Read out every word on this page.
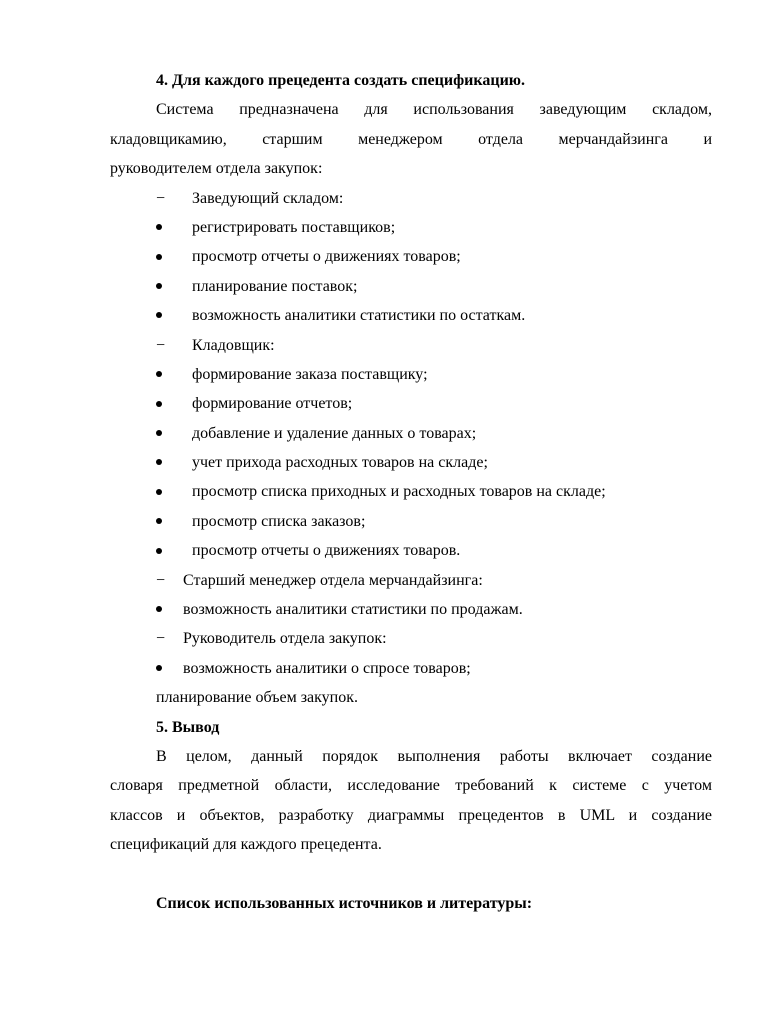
4. Для каждого прецедента создать спецификацию.
Система предназначена для использования заведующим складом,
кладовщикамию, старшим менеджером отдела мерчандайзинга и
руководителем отдела закупок:
− Заведующий складом:
регистрировать поставщиков;
просмотр отчеты о движениях товаров;
планирование поставок;
возможность аналитики статистики по остаткам.
− Кладовщик:
формирование заказа поставщику;
формирование отчетов;
добавление и удаление данных о товарах;
учет прихода расходных товаров на складе;
просмотр списка приходных и расходных товаров на складе;
просмотр списка заказов;
просмотр отчеты о движениях товаров.
− Старший менеджер отдела мерчандайзинга:
возможность аналитики статистики по продажам.
− Руководитель отдела закупок:
возможность аналитики о спросе товаров;
планирование объем закупок.
5. Вывод
В целом, данный порядок выполнения работы включает создание
словаря предметной области, исследование требований к системе с учетом
классов и объектов, разработку диаграммы прецедентов в UML и создание
спецификаций для каждого прецедента.
Список использованных источников и литературы:
